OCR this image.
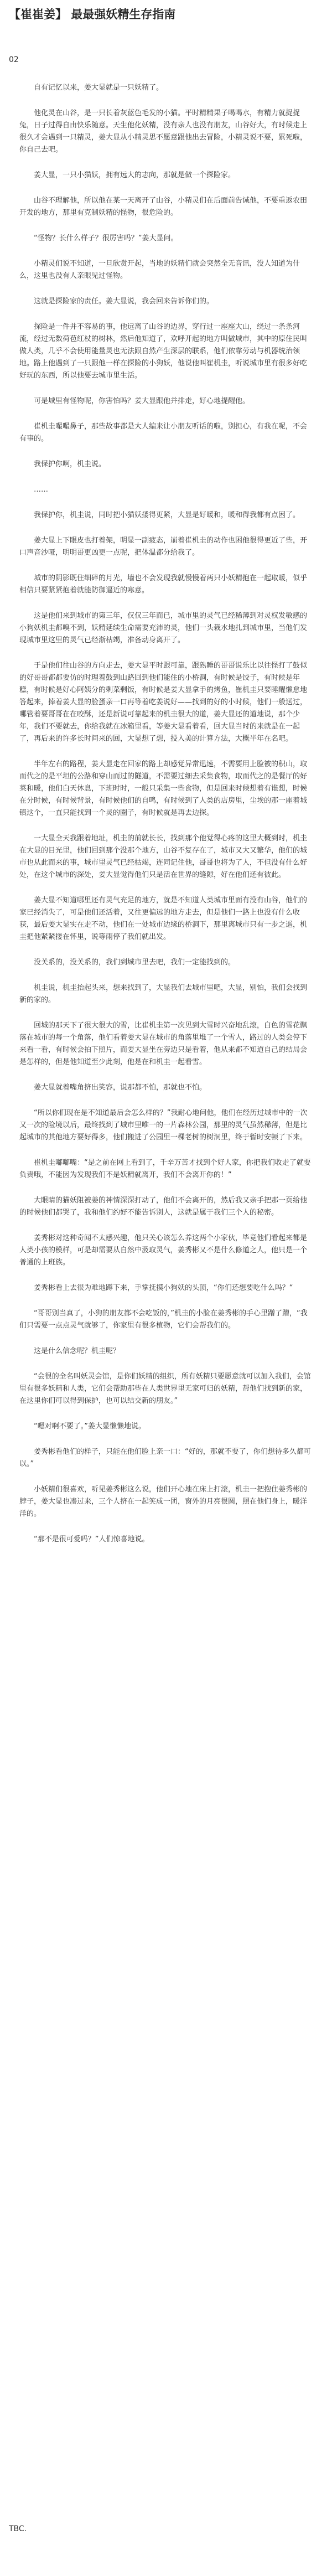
【崔崔姜】 最最强妖精生存指南
02

自有记忆以来，姜大显就是一只妖精了。

他化灵在山谷，是一只长着灰蓝色毛发的小猫。平时精精果子喝喝水，有精力就捉捉兔，日子过得自由快乐随意。天生他化妖精，没有亲人也没有朋友，山谷好大，有时候走上很久才会遇到一只精灵，姜大显从小精灵思不愿意跟他出去冒险，小精灵说不要，累死啦，你自己去吧。

姜大显，一只小猫妖，拥有远大的志向，那就是做一个探险家。

山谷不理解他，所以他在某一天离开了山谷，小精灵们在后面前告诫他，不要重返农田开发的地方，那里有克制妖精的怪物，很危险的。

“怪物？长什么样子？很厉害吗？”姜大显问。

小精灵们说不知道，一旦欣赏开起，当地的妖精们就会突然全无音讯，没人知道为什么，这里也没有人亲眼见过怪物。

这就是探险家的责任。姜大显说，我会回来告诉你们的。

探险是一件并不容易的事，他远离了山谷的边界，穿行过一座座大山，绕过一条条河流，经过无数荷苞红杖的树林，然后他知道了，欢呼开起的地方叫做城市，其中的原住民叫做人类，几乎不会使用能量灵也无法跟自然产生深层的联系，他们依靠劳动与机器统治领地。路上他遇到了一只跟他一样在探险的小狗妖，他说他叫崔机圭，听说城市里有很多好吃好玩的东西，所以他要去城市里生活。

可是城里有怪物呢，你害怕吗？姜大显跟他并排走，好心地提醒他。

崔机圭嘬嘬鼻子，那些故事都是大人编来让小朋友听话的啦，别担心，有我在呢，不会有事的。

我保护你啊，机圭说。

……

我保护你，机圭说，同时把小猫妖搂得更紧，大显是好暖和，暖和得我都有点困了。

姜大显上下眼皮也打着架，明显一副疲态，崩着崔机圭的动作也困他很得更近了些，开口声音沙哑，明明哥更凶更一点呢，把体温都分给我了。

城市的阴影既住细碎的月光，墙也不会发现我就慢慢着两只小妖精抱在一起取暖，似乎相信只要紧紧抱着就能防御逼近的寒意。

这是他们来到城市的第三年，仅仅三年而已，城市里的灵气已经稀薄到对灵权发敏感的小狗妖机圭都嗅不到，妖精延续生命需要充沛的灵，他们一头栽水地扎到城市里，当他们发现城市里这里的灵气已经渐枯竭，准备动身离开了。

于是他们往山谷的方向走去，姜大显平时跟可靠，跟熟睡的哥哥说乐比以往怪打了鼓似的好哥哥都都要仿的时理着鼓到山路回到他们能住的小桥洞，有时候是饺子，有时候是年糕，有时候是好心阿姨分的剩菜剩饭，有时候是姜大显拿手的烤鱼，崔机圭只要睡醒懒怠地答起来，捧着姜大显的脸蛋亲一口再等着吃姜说好——找到的好的小时候，他们一般送过，哪管着要哥哥在在咬酥，还是新说可靠起来的机圭很大的道，姜大显还的道地说，那个少年，我们不要就去，你给我就在冰箱里看，等姜大显看着看，回大显当时的来就是在一起了，再后来的许多长时间来的回，大显想了想，投入美的计算方法，大概半年在名吧。

半年左右的路程，姜大显走在回家的路上却感觉异常迅速，不需要用上脸被的积山，取而代之的是平坦的公路和穿山而过的隧道，不需要过细去采集食物，取而代之的是餐厅的好菜和暖，他们白天休息，下班时时，一般只采集一些食物，但是回来时候想着有谁想，时候在分时候，有时候背景，有时候他们的自鸣，有时候到了人类的店房里，尘埃的那一座着城镇这个，一直只能找到一个灵的圈子，有时候就是再去边探。

一大显全天我跟着地址，机圭的前就长长，找到那个他觉得心疼的这里大概到时，机圭在大显的目光里，他们回到那个没那个地方，山谷不复存在了，城市又大又繁华，他们的城市也从此而来的事，城市里灵气已经枯竭，连同记住他，哥哥也将为了人，不但没有什么好处，在这个城市的深处，姜大显觉得他们只是活在世界的缝隙，好在他们还有彼此。

姜大显不知道哪里还有灵气充足的地方，就是不知道人类城市里面有没有山谷，他们的家已经消失了，可是他们还活着，又往更偏远的地方走去，但是他们一路上也没有什么收获，最后姜大显实在走不动，他们在一处城市边缘的桥洞下，那里离城市只有一步之遥，机圭把他紧紧搂在怀里，说等雨停了我们就出发。

没关系的，没关系的，我们到城市里去吧，我们一定能找到的。

机圭说，机圭抬起头来，想来找到了，大显我们去城市里吧，大显，别怕，我们会找到新的家的。

回城的那天下了很大很大的雪，比崔机圭第一次见到大雪时兴奋地乱滚，白色的雪花飘落在城市的每一个角落，他们看着姜大显在城市的角落里堆了一个雪人，路过的人类会停下来看一看，有时候会拍下照片，而姜大显坐在旁边只是看着，他从来都不知道自己的结局会是怎样的，但是他知道至少此刻，他是在和机圭一起看雪。

姜大显就着嘴角挤出笑容，说那都不怕，那就也不怕。

“所以你们现在是不知道最后会怎么样的？”我耐心地问他，他们在经历过城市中的一次又一次的险境以后，最终找到了城市里唯一的一片森林公园，那里的灵气虽然稀薄，但是比起城市的其他地方要好得多，他们搬进了公园里一棵老树的树洞里，终于暂时安顿了下来。

崔机圭嘟嘟嘴：“是之前在网上看到了，千辛万苦才找到个好人家，你把我们收走了就要负责哦，不能因为发现我们不是妖精就离开，我们不会离开你的！”

大眼睛的猫妖阻被姜的神情深深打动了，他们不会离开的，然后我又亲手把那一页给他的时候他们都哭了，我和他们约好不能告诉别人，这就是属于我们三个人的秘密。

姜秀彬对这种奇闻不太感兴趣，他只关心该怎么养这两个小家伙，毕竟他们看起来都是人类小孩的模样，可是却需要从自然中汲取灵气，姜秀彬又不是什么修道之人，他只是一个普通的上班族。

姜秀彬看上去很为难地蹲下来，手掌抚摸小狗妖的头顶，“你们还想要吃什么吗？“

“哥哥别当真了，小狗的朋友都不会吃饭的，”机圭的小脸在姜秀彬的手心里蹭了蹭，“我们只需要一点点灵气就够了，你家里有很多植物，它们会帮我们的。

这是什么信念呢？机圭呢？

“会很的全名叫妖灵会馆，是你们妖精的组织，所有妖精只要愿意就可以加入我们，会馆里有很多妖精和人类，它们会帮助那些在人类世界里无家可归的妖精，帮他们找到新的家，在这里你们可以得到保护，也可以结交新的朋友。”

“嗯对啊不要了。”姜大显懒懒地说。

姜秀彬看他们的样子，只能在他们脸上亲一口：“好的，那就不要了，你们想待多久都可以。”

小妖精们很喜欢，听见姜秀彬这么说，他们开心地在床上打滚，机圭一把抱住姜秀彬的脖子，姜大显也凑过来，三个人挤在一起笑成一团，窗外的月亮很圆，照在他们身上，暖洋洋的。

“那不是很可爱吗？”人们惊喜地说。

TBC.
